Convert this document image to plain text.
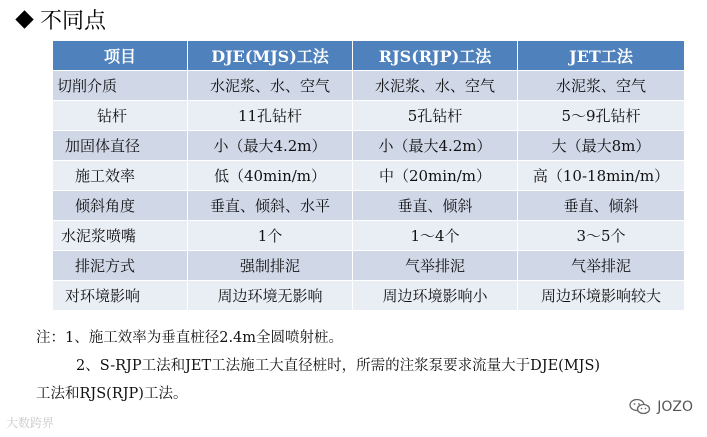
不同点
项目	DJE(MJS)工法	RJS(RJP)工法	JET工法
切削介质	水泥浆、水、空气	水泥浆、水、空气	水泥浆、空气
钻杆	11孔钻杆	5孔钻杆	5～9孔钻杆
加固体直径	小（最大4.2m）	小（最大4.2m）	大（最大8m）
施工效率	低（40min/m）	中（20min/m）	高（10-18min/m）
倾斜角度	垂直、倾斜、水平	垂直、倾斜	垂直、倾斜
水泥浆喷嘴	1个	1～4个	3～5个
排泥方式	强制排泥	气举排泥	气举排泥
对环境影响	周边环境无影响	周边环境影响小	周边环境影响较大
注：1、施工效率为垂直桩径2.4m全圆喷射桩。
2、S-RJP工法和JET工法施工大直径桩时，所需的注浆泵要求流量大于DJE(MJS)
工法和RJS(RJP)工法。
大数跨界
JOZO
